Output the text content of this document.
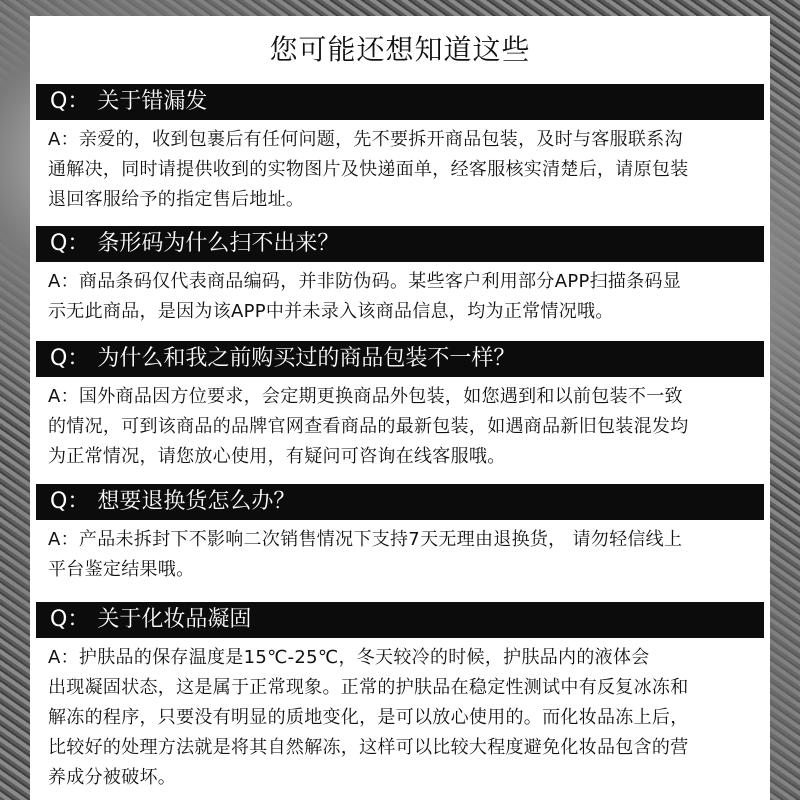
您可能还想知道这些
Q： 关于错漏发
A：亲爱的，收到包裹后有任何问题，先不要拆开商品包装，及时与客服联系沟
通解决，同时请提供收到的实物图片及快递面单，经客服核实清楚后，请原包装
退回客服给予的指定售后地址。
Q： 条形码为什么扫不出来？
A：商品条码仅代表商品编码，并非防伪码。某些客户利用部分APP扫描条码显
示无此商品，是因为该APP中并未录入该商品信息，均为正常情况哦。
Q： 为什么和我之前购买过的商品包装不一样？
A：国外商品因方位要求，会定期更换商品外包装，如您遇到和以前包装不一致
的情况，可到该商品的品牌官网查看商品的最新包装，如遇商品新旧包装混发均
为正常情况，请您放心使用，有疑问可咨询在线客服哦。
Q： 想要退换货怎么办？
A：产品未拆封下不影响二次销售情况下支持7天无理由退换货， 请勿轻信线上
平台鉴定结果哦。
Q： 关于化妆品凝固
A：护肤品的保存温度是15℃-25℃，冬天较冷的时候，护肤品内的液体会
出现凝固状态，这是属于正常现象。正常的护肤品在稳定性测试中有反复冰冻和
解冻的程序，只要没有明显的质地变化，是可以放心使用的。而化妆品冻上后，
比较好的处理方法就是将其自然解冻，这样可以比较大程度避免化妆品包含的营
养成分被破坏。
